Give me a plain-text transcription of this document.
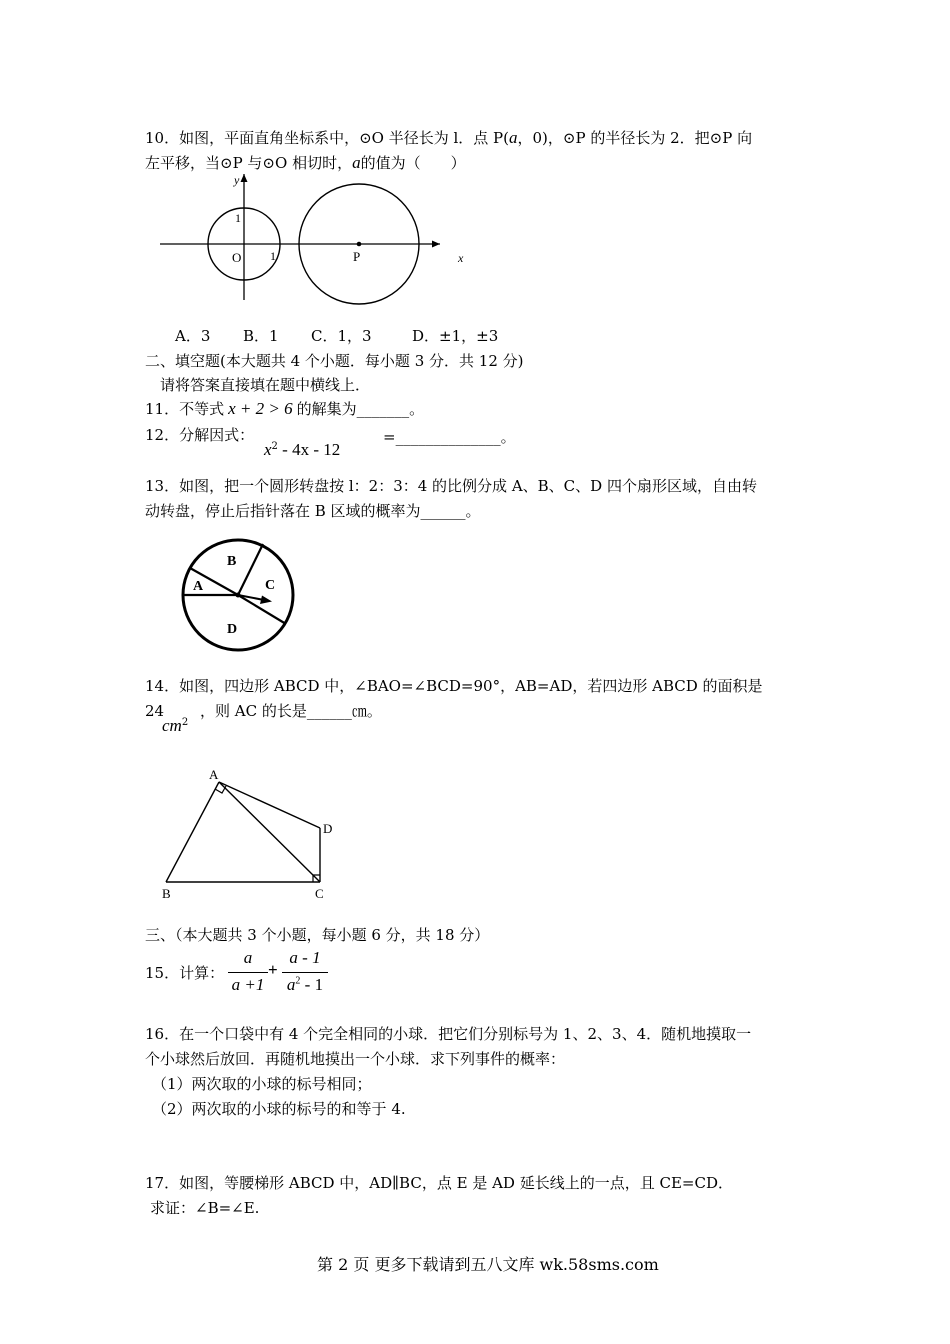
10．如图，平面直角坐标系中，⊙O 半径长为 l．点 P(a，0)，⊙P 的半径长为 2．把⊙P 向
左平移，当⊙P 与⊙O 相切时，a的值为（　　）
y
x
O 1
1
P
A．3 B．1 C．1，3	D．±1，±3
二、填空题(本大题共 4 个小题．每小题 3 分．共 12 分)
请将答案直接填在题中横线上．
11．不等式 x + 2 > 6 的解集为_______。
12．分解因式：
$x^2 - 4x - 12$
=______________。
13．如图，把一个圆形转盘按 l：2：3：4 的比例分成 A、B、C、D 四个扇形区域，自由转
动转盘，停止后指针落在 B 区域的概率为______。
A
B
C
D
14．如图，四边形 ABCD 中，∠BAO=∠BCD=90°，AB=AD，若四边形 ABCD 的面积是
24
$cm^2$
，则 AC 的长是______㎝。
A
B	C
D
三、（本大题共 3 个小题，每小题 6 分，共 18 分）
15．计算：
a
a +1
+
a - 1
$a^2 - 1$
16．在一个口袋中有 4 个完全相同的小球．把它们分别标号为 1、2、3、4．随机地摸取一
个小球然后放回．再随机地摸出一个小球．求下列事件的概率：
（1）两次取的小球的标号相同；
（2）两次取的小球的标号的和等于 4.
17．如图，等腰梯形 ABCD 中，AD∥BC，点 E 是 AD 延长线上的一点，且 CE=CD．
求证：∠B=∠E.
第 2 页 更多下载请到五八文库 wk.58sms.com
